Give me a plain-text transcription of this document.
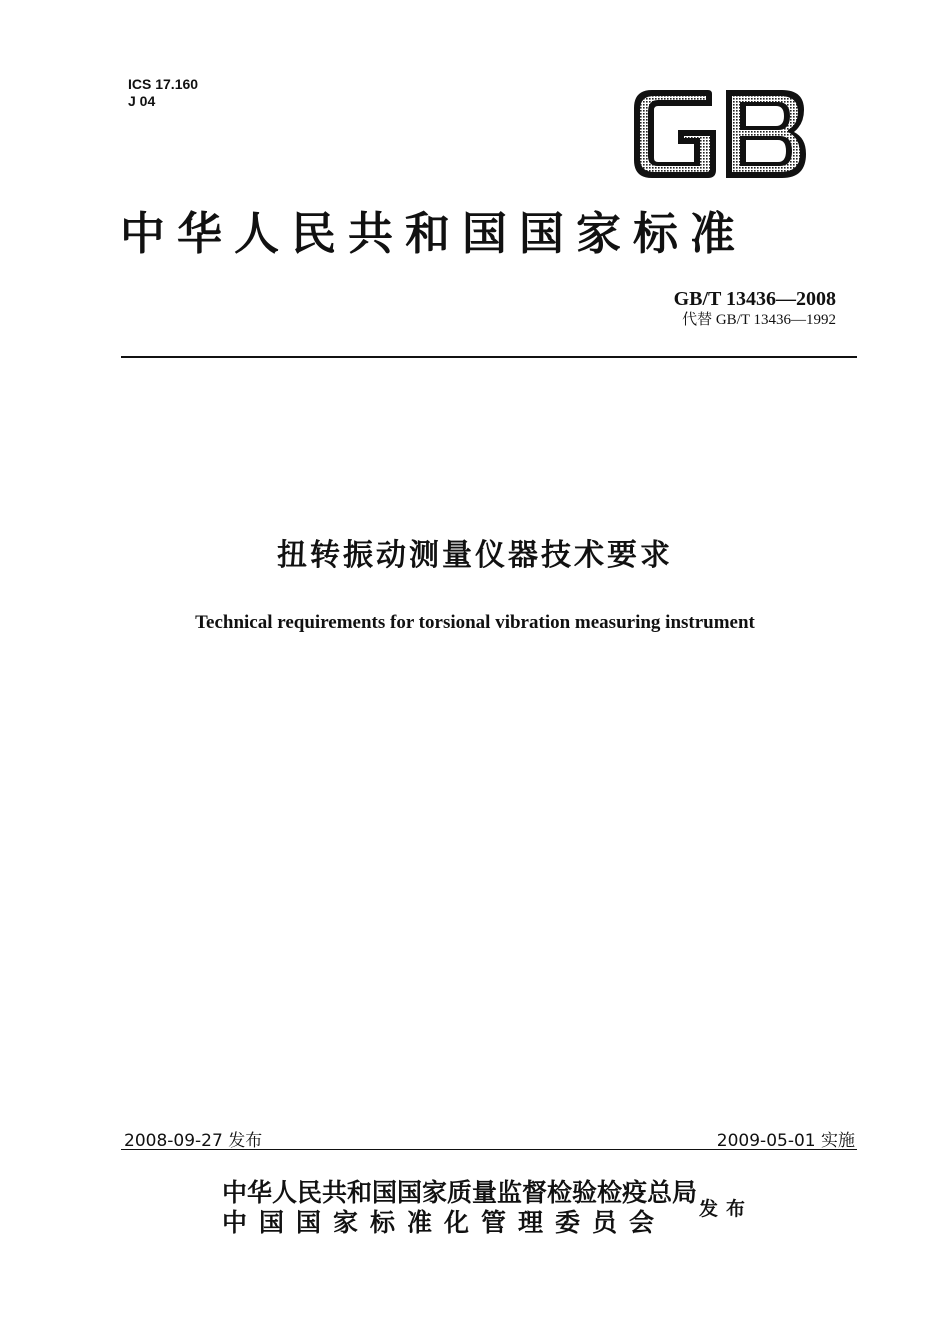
ICS 17.160
J 04
中华人民共和国国家标准
GB/T 13436—2008
代替 GB/T 13436—1992
扭转振动测量仪器技术要求
Technical requirements for torsional vibration measuring instrument
2008-09-27 发布	2009-05-01 实施
中华人民共和国国家质量监督检验检疫总局
中国国家标准化管理委员会	发布
